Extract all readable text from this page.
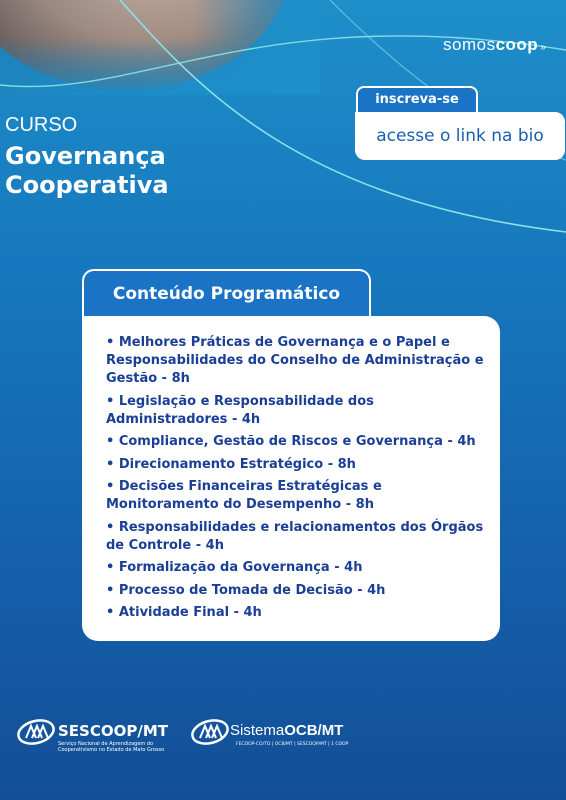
somoscoop »
CURSO
Governança
Cooperativa
inscreva-se
acesse o link na bio
Conteúdo Programático
• Melhores Práticas de Governança e o Papel e Responsabilidades do Conselho de Administração e Gestão - 8h
• Legislação e Responsabilidade dos Administradores - 4h
• Compliance, Gestão de Riscos e Governança - 4h
• Direcionamento Estratégico - 8h
• Decisões Financeiras Estratégicas e Monitoramento do Desempenho - 8h
• Responsabilidades e relacionamentos dos Órgãos de Controle - 4h
• Formalização da Governança - 4h
• Processo de Tomada de Decisão - 4h
• Atividade Final - 4h
SESCOOP/MT
Serviço Nacional de Aprendizagem do Cooperativismo no Estado de Mato Grosso
SistemaOCB/MT
FECOOP-CO/TO | OCB/MT | SESCOOP/MT | 1 COOP
